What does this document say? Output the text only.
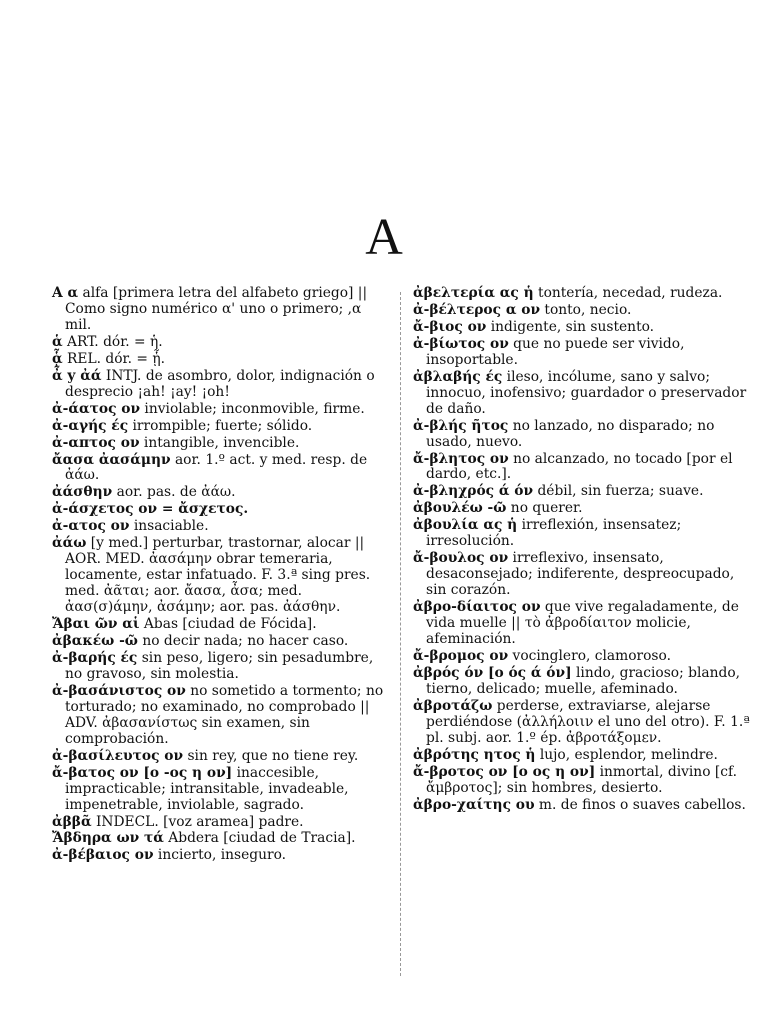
A
Α α alfa [primera letra del alfabeto griego] || Como signo numérico α' uno o primero; ,α mil.
ἁ ART. dór. = ἡ.
ᾇ REL. dór. = ᾗ.
ἆ y ἀά INTJ. de asombro, dolor, indignación o desprecio ¡ah! ¡ay! ¡oh!
ἀ-άατος ον inviolable; inconmovible, firme.
ἀ-αγής ές irrompible; fuerte; sólido.
ἀ-απτος ον intangible, invencible.
ἄασα ἀασάμην aor. 1.º act. y med. resp. de ἀάω.
ἀάσθην aor. pas. de ἀάω.
ἀ-άσχετος ον = ἄσχετος.
ἀ-ατος ον insaciable.
ἀάω [y med.] perturbar, trastornar, alocar || AOR. MED. ἀασάμην obrar temeraria, locamente, estar infatuado. F. 3.ª sing pres. med. ἀᾶται; aor. ἄασα, ἆσα; med. ἀασ(σ)άμην, ἀσάμην; aor. pas. ἀάσθην.
Ἄβαι ῶν αἱ Abas [ciudad de Fócida].
ἀβακέω -ῶ no decir nada; no hacer caso.
ἀ-βαρής ές sin peso, ligero; sin pesadumbre, no gravoso, sin molestia.
ἀ-βασάνιστος ον no sometido a tormento; no torturado; no examinado, no comprobado || ADV. ἀβασανίστως sin examen, sin comprobación.
ἀ-βασίλευτος ον sin rey, que no tiene rey.
ἄ-βατος ον [ο -ος η ον] inaccesible, impracticable; intransitable, invadeable, impenetrable, inviolable, sagrado.
ἀββᾶ INDECL. [voz aramea] padre.
Ἄβδηρα ων τά Abdera [ciudad de Tracia].
ἀ-βέβαιος ον incierto, inseguro.
ἀβελτερία ας ἡ tontería, necedad, rudeza.
ἀ-βέλτερος α ον tonto, necio.
ἄ-βιος ον indigente, sin sustento.
ἀ-βίωτος ον que no puede ser vivido, insoportable.
ἀβλαβής ές ileso, incólume, sano y salvo; innocuo, inofensivo; guardador o preservador de daño.
ἀ-βλής ῆτος no lanzado, no disparado; no usado, nuevo.
ἄ-βλητος ον no alcanzado, no tocado [por el dardo, etc.].
ἀ-βληχρός ά όν débil, sin fuerza; suave.
ἀβουλέω -ῶ no querer.
ἀβουλία ας ἡ irreflexión, insensatez; irresolución.
ἄ-βουλος ον irreflexivo, insensato, desaconsejado; indiferente, despreocupado, sin corazón.
ἀβρο-δίαιτος ον que vive regaladamente, de vida muelle || τὸ ἀβροδίαιτον molicie, afeminación.
ἄ-βρομος ον vocinglero, clamoroso.
ἀβρός όν [ο ός ά όν] lindo, gracioso; blando, tierno, delicado; muelle, afeminado.
ἀβροτάζω perderse, extraviarse, alejarse perdiéndose (ἀλλήλοιιν el uno del otro). F. 1.ª pl. subj. aor. 1.º ép. ἀβροτάξομεν.
ἀβρότης ητος ἡ lujo, esplendor, melindre.
ἄ-βροτος ον [ο ος η ον] inmortal, divino [cf. ἄμβροτος]; sin hombres, desierto.
ἀβρο-χαίτης ου m. de finos o suaves cabellos.
